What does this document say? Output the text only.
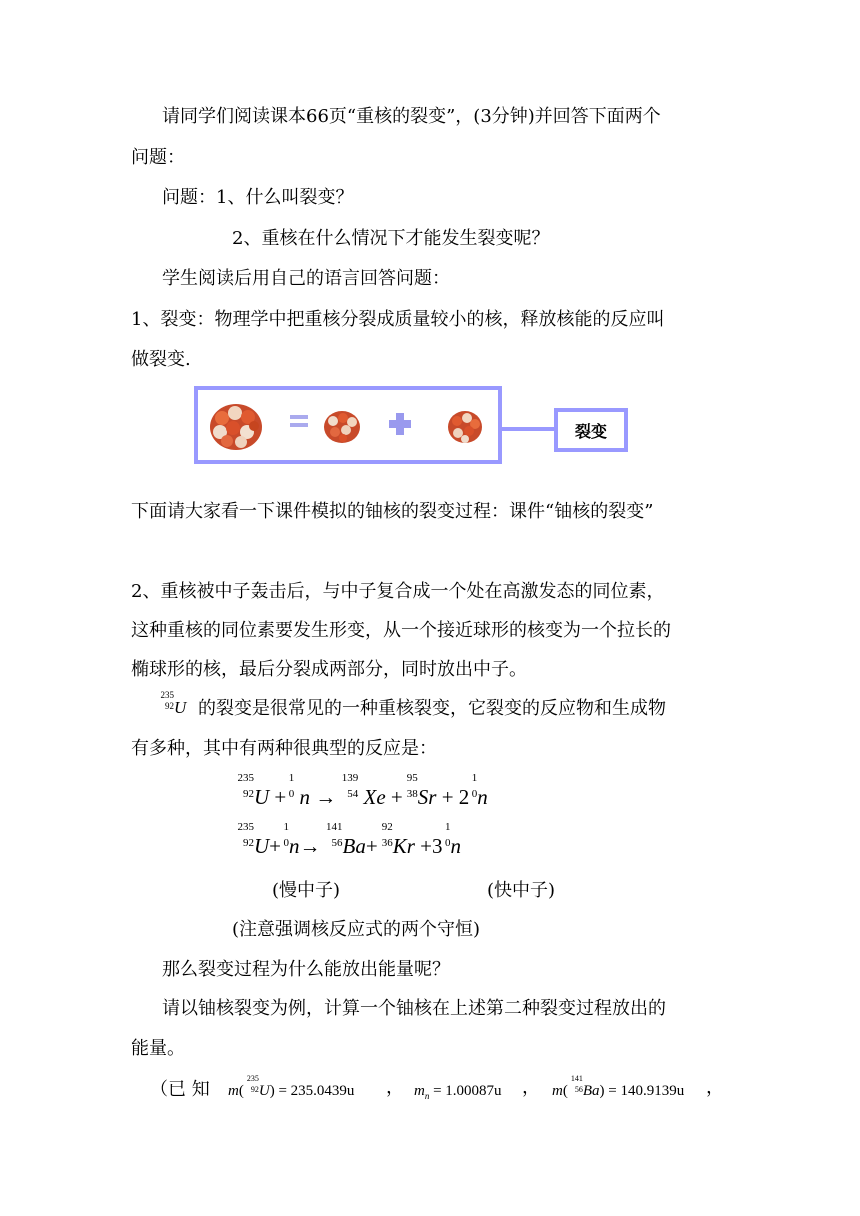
请同学们阅读课本66页“重核的裂变”，(3分钟)并回答下面两个
问题：
问题：1、什么叫裂变？
2、重核在什么情况下才能发生裂变呢？
学生阅读后用自己的语言回答问题：
1、裂变：物理学中把重核分裂成质量较小的核，释放核能的反应叫
做裂变.
裂变
下面请大家看一下课件模拟的铀核的裂变过程：课件“铀核的裂变”
2、重核被中子轰击后，与中子复合成一个处在高激发态的同位素，
这种重核的同位素要发生形变，从一个接近球形的核变为一个拉长的
椭球形的核，最后分裂成两部分，同时放出中子。
235
92 U 的裂变是很常见的一种重核裂变，它裂变的反应物和生成物
有多种，其中有两种很典型的反应是：
235
92 U +
1
0 n →
139
54 Xe +
95
38 Sr + 2
1
0 n
235
92 U+
1
0 n→
141
56 Ba+
92
36 Kr +3
1
0 n
(慢中子)	(快中子)
(注意强调核反应式的两个守恒)
那么裂变过程为什么能放出能量呢？
请以铀核裂变为例，计算一个铀核在上述第二种裂变过程放出的
能量。
（已 知 m(
235
92 U) = 235.0439u ， $m_n = 1.00087u$ ， m(
141
56 Ba) = 140.9139u ，
